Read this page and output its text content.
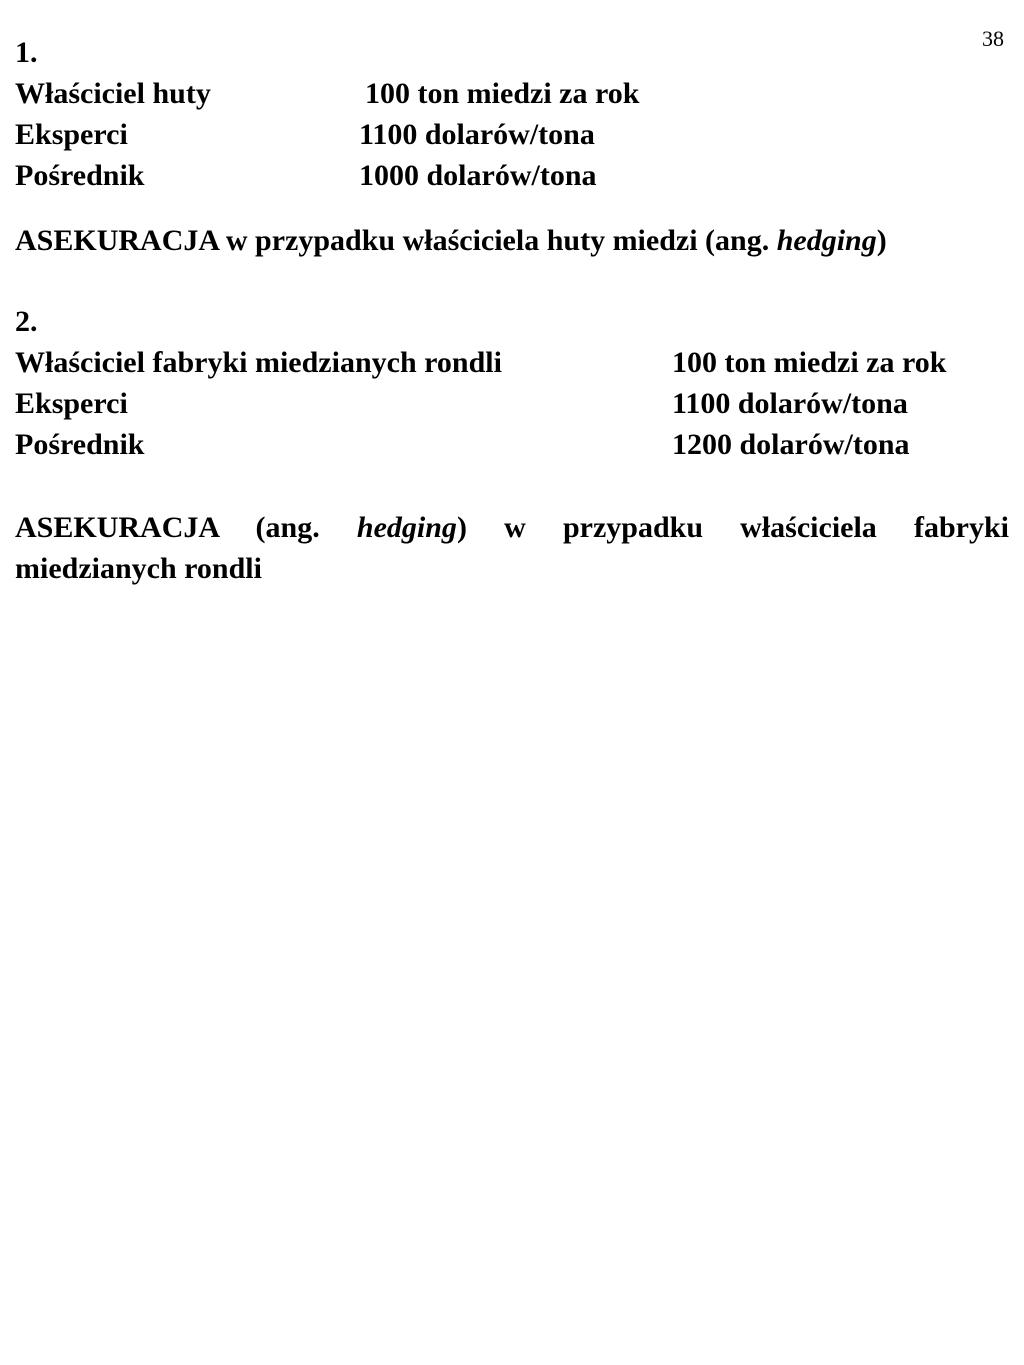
38
1.
Właściciel huty	100 ton miedzi za rok
Eksperci	1100 dolarów/tona
Pośrednik	1000 dolarów/tona
ASEKURACJA w przypadku właściciela huty miedzi (ang. hedging)
2.
Właściciel fabryki miedzianych rondli	100 ton miedzi za rok
Eksperci	1100 dolarów/tona
Pośrednik	1200 dolarów/tona
ASEKURACJA (ang. hedging) w przypadku właściciela fabryki
miedzianych rondli
